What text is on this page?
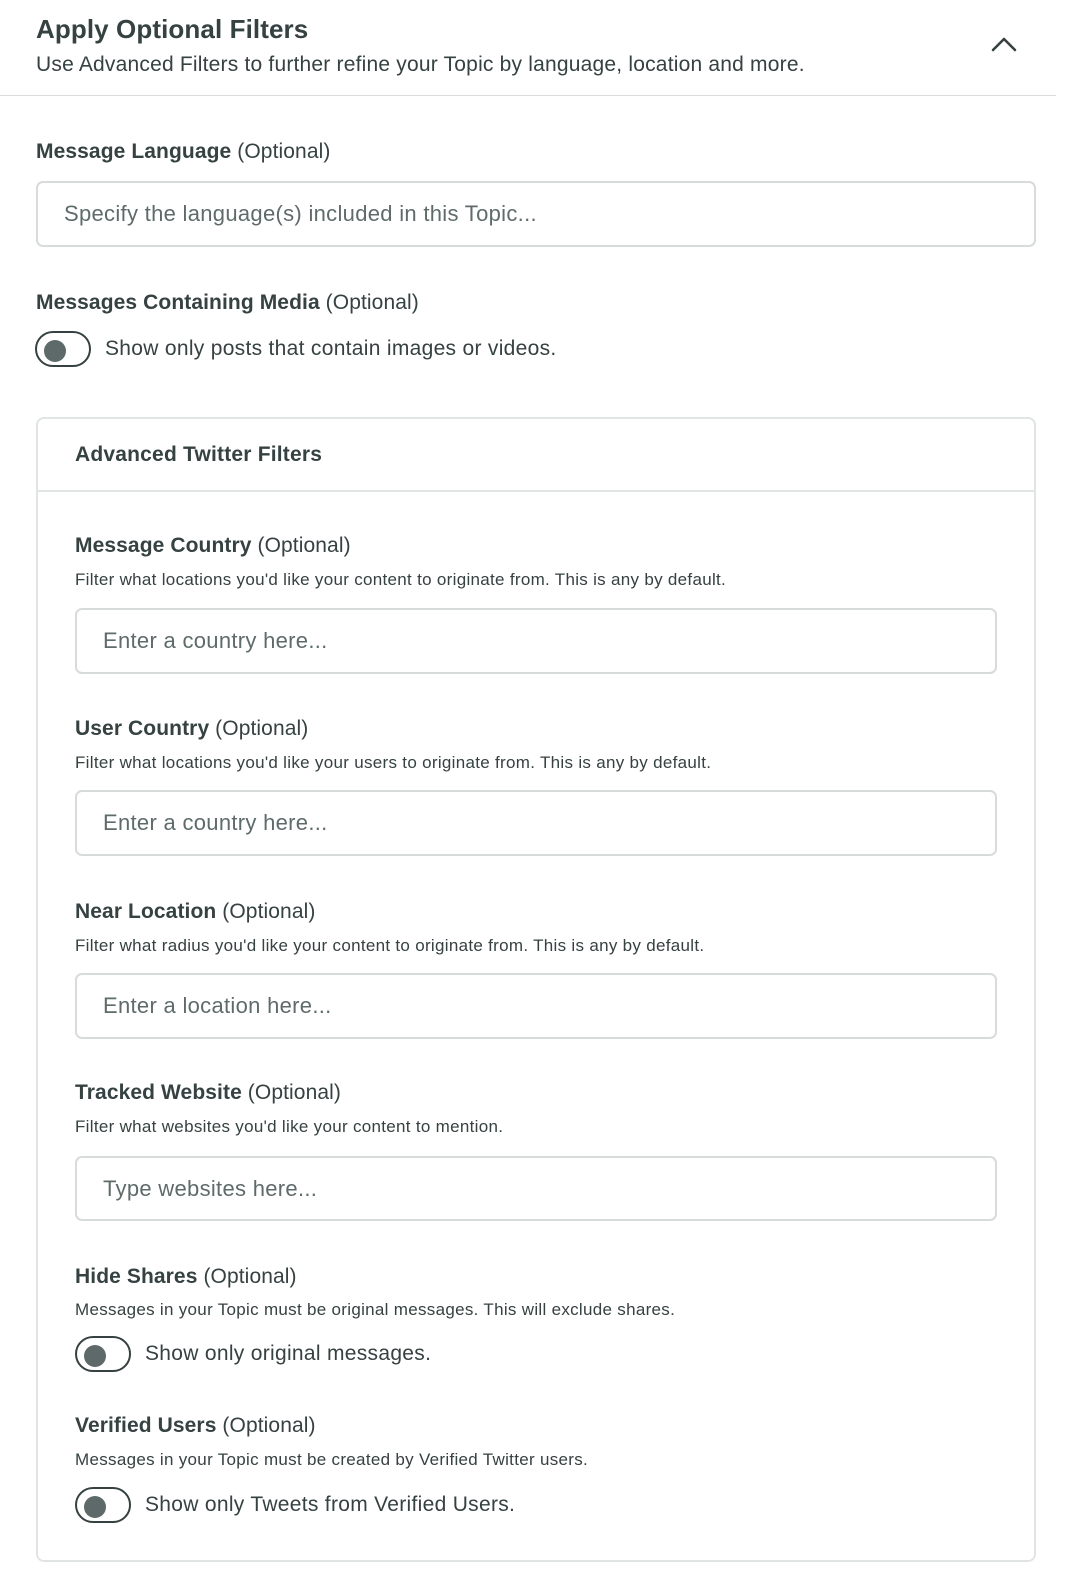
Apply Optional Filters
Use Advanced Filters to further refine your Topic by language, location and more.
Message Language (Optional)
Specify the language(s) included in this Topic...
Messages Containing Media (Optional)
Show only posts that contain images or videos.
Advanced Twitter Filters
Message Country (Optional)
Filter what locations you'd like your content to originate from. This is any by default.
Enter a country here...
User Country (Optional)
Filter what locations you'd like your users to originate from. This is any by default.
Enter a country here...
Near Location (Optional)
Filter what radius you'd like your content to originate from. This is any by default.
Enter a location here...
Tracked Website (Optional)
Filter what websites you'd like your content to mention.
Type websites here...
Hide Shares (Optional)
Messages in your Topic must be original messages. This will exclude shares.
Show only original messages.
Verified Users (Optional)
Messages in your Topic must be created by Verified Twitter users.
Show only Tweets from Verified Users.
